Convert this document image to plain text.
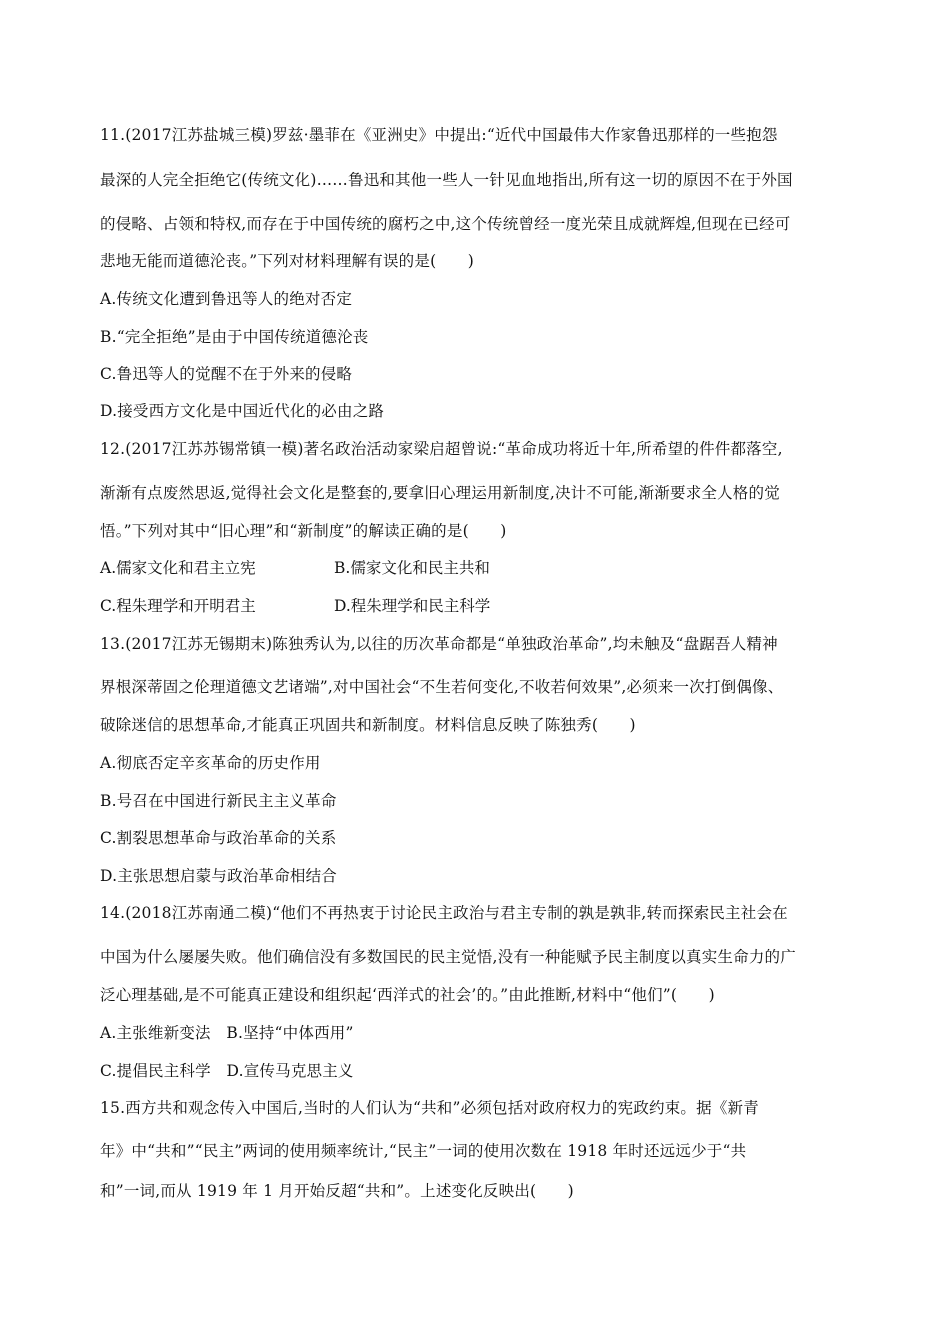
11.(2017江苏盐城三模)罗兹·墨菲在《亚洲史》中提出:“近代中国最伟大作家鲁迅那样的一些抱怨
最深的人完全拒绝它(传统文化)……鲁迅和其他一些人一针见血地指出,所有这一切的原因不在于外国
的侵略、占领和特权,而存在于中国传统的腐朽之中,这个传统曾经一度光荣且成就辉煌,但现在已经可
悲地无能而道德沦丧。”下列对材料理解有误的是(　　)
A.传统文化遭到鲁迅等人的绝对否定
B.“完全拒绝”是由于中国传统道德沦丧
C.鲁迅等人的觉醒不在于外来的侵略
D.接受西方文化是中国近代化的必由之路
12.(2017江苏苏锡常镇一模)著名政治活动家梁启超曾说:“革命成功将近十年,所希望的件件都落空,
渐渐有点废然思返,觉得社会文化是整套的,要拿旧心理运用新制度,决计不可能,渐渐要求全人格的觉
悟。”下列对其中“旧心理”和“新制度”的解读正确的是(　　)
A.儒家文化和君主立宪	B.儒家文化和民主共和
C.程朱理学和开明君主	D.程朱理学和民主科学
13.(2017江苏无锡期末)陈独秀认为,以往的历次革命都是“单独政治革命”,均未触及“盘踞吾人精神
界根深蒂固之伦理道德文艺诸端”,对中国社会“不生若何变化,不收若何效果”,必须来一次打倒偶像、
破除迷信的思想革命,才能真正巩固共和新制度。材料信息反映了陈独秀(　　)
A.彻底否定辛亥革命的历史作用
B.号召在中国进行新民主主义革命
C.割裂思想革命与政治革命的关系
D.主张思想启蒙与政治革命相结合
14.(2018江苏南通二模)“他们不再热衷于讨论民主政治与君主专制的孰是孰非,转而探索民主社会在
中国为什么屡屡失败。他们确信没有多数国民的民主觉悟,没有一种能赋予民主制度以真实生命力的广
泛心理基础,是不可能真正建设和组织起‘西洋式的社会’的。”由此推断,材料中“他们”(　　)
A.主张维新变法　B.坚持“中体西用”
C.提倡民主科学　D.宣传马克思主义
15.西方共和观念传入中国后,当时的人们认为“共和”必须包括对政府权力的宪政约束。据《新青
年》中“共和”“民主”两词的使用频率统计,“民主”一词的使用次数在 1918 年时还远远少于“共
和”一词,而从 1919 年 1 月开始反超“共和”。上述变化反映出(　　)
